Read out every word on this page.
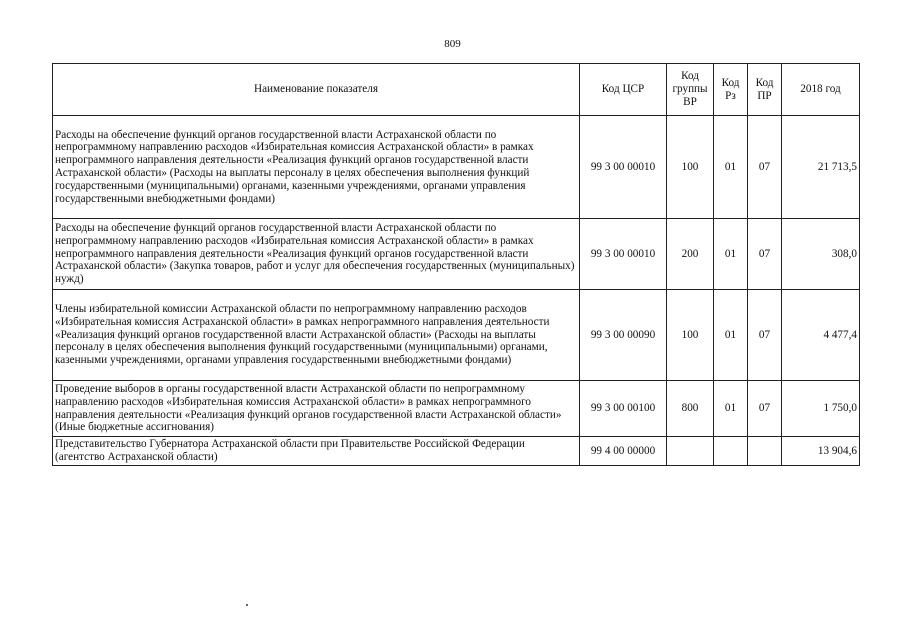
809
Наименование показателя	Код ЦСР	Код группы ВР	Код Рз	Код ПР	2018 год
Расходы на обеспечение функций органов государственной власти Астраханской области по непрограммному направлению расходов «Избирательная комиссия Астраханской области» в рамках непрограммного направления деятельности «Реализация функций органов государственной власти Астраханской области» (Расходы на выплаты персоналу в целях обеспечения выполнения функций государственными (муниципальными) органами, казенными учреждениями, органами управления государственными внебюджетными фондами)	99 3 00 00010	100	01	07	21 713,5
Расходы на обеспечение функций органов государственной власти Астраханской области по непрограммному направлению расходов «Избирательная комиссия Астраханской области» в рамках непрограммного направления деятельности «Реализация функций органов государственной власти Астраханской области» (Закупка товаров, работ и услуг для обеспечения государственных (муниципальных) нужд)	99 3 00 00010	200	01	07	308,0
Члены избирательной комиссии Астраханской области по непрограммному направлению расходов «Избирательная комиссия Астраханской области» в рамках непрограммного направления деятельности «Реализация функций органов государственной власти Астраханской области» (Расходы на выплаты персоналу в целях обеспечения выполнения функций государственными (муниципальными) органами, казенными учреждениями, органами управления государственными внебюджетными фондами)	99 3 00 00090	100	01	07	4 477,4
Проведение выборов в органы государственной власти Астраханской области по непрограммному направлению расходов «Избирательная комиссия Астраханской области» в рамках непрограммного направления деятельности «Реализация функций органов государственной власти Астраханской области» (Иные бюджетные ассигнования)	99 3 00 00100	800	01	07	1 750,0
Представительство Губернатора Астраханской области при Правительстве Российской Федерации (агентство Астраханской области)	99 4 00 00000				13 904,6
